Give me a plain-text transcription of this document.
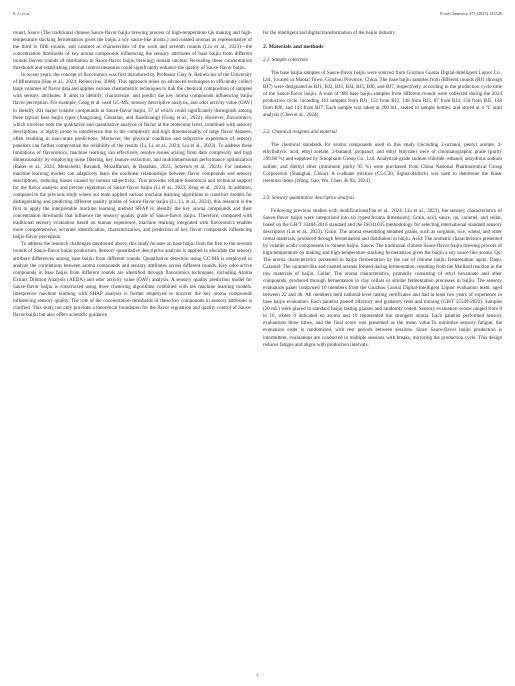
S. Li et al.	Food Chemistry 475 (2025) 143328

round, Sauce (The traditional chinese Sauce-flavor baijiu brewing process of high-temperature Qu making and high-temperature stacking fermentation gives the baijiu a soy sauce-like aroma.) and roasted aromas as representative of the third to fifth rounds, and caramel as characteristic of the sixth and seventh rounds (Liu et al., 2023)—the concentration thresholds of key aroma compounds influencing the sensory attributes of base baijiu from different rounds (Seven rounds of distillation in Sauce-flavor baijiu brewing) remain unclear. Revealing these concentration thresholds and establishing rational control measures could significantly enhance the quality of Sauce-flavor baijiu.

In recent years, the concept of flavoromics was first introduced by Professor Gary A. Reineccius of the University of Minnesota (Han et al., 2024; Reineccius, 2008). This approach relies on advanced techniques to efficiently collect large volumes of flavor data and applies various chemometric techniques to link the chemical composition of samples with sensory attributes. It aims to identify, characterize, and predict the key aroma compounds influencing baijiu flavor perception. For example, Gong et al. used GC-MS, sensory descriptive analysis, and odor activity value (OAV) to identify 201 major volatile compounds in Sauce-flavor baijiu, 37 of which could significantly distinguish among three typical base baijiu types (Jiangxiang, Chuntian, and Jiaodixiang) (Gong et al., 2023). However, flavoromics, which involves both the qualitative and quantitative analysis of flavor at the molecular level, combined with sensory descriptions, is highly prone to interference due to the complexity and high dimensionality of large flavor datasets, often resulting in inaccurate predictions. Moreover, the physical condition and subjective experience of sensory panelists can further compromise the reliability of the results (Li, Li, et al., 2024; Liu et al., 2023). To address these limitations of flavoromics, machine learning can effectively resolve issues arising from data complexity and high dimensionality by employing noise filtering, key feature extraction, and multidimensional performance optimization (Baker et al., 2023; Menichetti, Ravandi, Mozaffarian, & Barabási, 2023; Schreurs et al., 2024). For instance, machine learning models can adaptively learn the nonlinear relationships between flavor compounds and sensory descriptions, reducing biases caused by human subjectivity. This provides reliable theoretical and technical support for the flavor analysis and precise regulation of Sauce-flavor baijiu (Li et al., 2023; Zeng et al., 2023). In addition, compared to the previous study where our team applied various machine learning algorithms to construct models for distinguishing and predicting different quality grades of Sauce-flavor baijiu (Li, Li, et al., 2024), this research is the first to apply the interpretable machine learning method SHAP to identify the key aroma compounds and their concentration thresholds that influence the sensory quality grade of Sauce-flavor baijiu. Therefore, compared with traditional sensory evaluation based on human experience, machine learning integrated with flavoromics enables more comprehensive, accurate identification, characterization, and prediction of key flavor compounds influencing baijiu flavor perception.

To address the research challenges mentioned above, this study focuses on base baijiu from the first to the seventh rounds of Sauce-flavor baijiu production. Sensory quantitative descriptive analysis is applied to elucidate the sensory attribute differences among base baijiu from different rounds. Quantitative detection using GC-MS is employed to analyze the correlations between aroma compounds and sensory attributes across different rounds. Key odor-active compounds in base baijiu from different rounds are identified through flavoromics techniques, including Aroma Extract Dilution Analysis (AEDA) and odor activity value (OAV) analysis. A sensory quality prediction model for Sauce-flavor baijiu is constructed using three clustering algorithms combined with ten machine learning models. Interpretive machine learning with SHAP analysis is further employed to uncover the key aroma compounds influencing sensory quality. The role of the concentration thresholds of these key compounds in sensory attributes is clarified. This study not only provides a theoretical foundation for the flavor regulation and quality control of Sauce-flavor baijiu but also offers scientific guidance

for the intelligent and digital transformation of the baijiu industry.

2. Materials and methods
2.1. Sample collection

The base baijiu samples of Sauce-flavor baijiu were sourced from Guizhou Guotai Digital-Intelligent Liquor Co., Ltd., located in Maotai Town, Guizhou Province, China. The base baijiu samples from different rounds (BJ1 through BJ7) were designated as BJ1, BJ2, BJ3, BJ4, BJ5, BJ6, and BJ7, respectively, according to the production cycle time of the Sauce-flavor baijiu. A total of 988 base baijiu samples from different rounds were collected during the 2024 production cycle, including 161 samples from BJ1, 151 from BJ2, 148 from BJ3, 87 from BJ4, 150 from BJ5, 148 from BJ6, and 143 from BJ7. Each sample was taken at 200 mL, sealed in sample bottles, and stored at 4 °C until analysis (Chen et al., 2024).

2.2. Chemical reagents and material

The chemical standards for aroma compounds used in this study (including 2-octanol, pentyl acetate, 2-ethylbutyric acid, ethyl acetate, 2-butanol, propanol, and ethyl butyrate) were of chromatographic grade (purity ≥99.80 %) and supplied by Sinopharm Group Co., Ltd. Analytical-grade sodium chloride, ethanol, anhydrous sodium sulfate, and diethyl ether (minimum purity 95 %) were purchased from China National Pharmaceutical Group Corporation (Shanghai, China). A n-alkane mixture (C5-C30, Sigma-Aldrich) was used to determine the linear retention index (Wang, Gao, Wu, Chen, & Xu, 2024).

2.3. Sensory quantitative descriptive analysis

Following previous studies with modifications(Fan et al., 2024; Liu et al., 2023), the sensory characteristics of Sauce-flavor baijiu were categorized into six types(Aroma dimension): Grain, acid, sauce, qu, caramel, and cellar, based on the GB/T 33404-2016 standard and the ISO11035 methodology for selecting international standard sensory descriptors (Liu et al., 2023). Grain: The aroma resembling steamed grains, such as sorghum, rice, wheat, and other cereal materials, produced through fermentation and distillation in baijiu. Acid: The aromatic characteristics presented by volatile acidic components in chinese baijiu. Sauce: The traditional chinese Sauce-flavor baijiu brewing process of high-temperature qu making and high-temperature stacking fermentation gives the baijiu a soy sauce-like aroma. Qu: The aroma characteristics presented in baijiu fermentation by the use of chinese baijiu fermentation agent, Daqu. Caramel: The caramel-like and roasted aromas formed during fermentation, resulting from the Maillard reaction in the raw materials of baijiu. Cellar: The aroma characteristics, primarily consisting of ethyl hexanoate and other compounds, produced through fermentation in clay cellars or similar fermentation processes in baijiu. The sensory evaluation panel comprised 10 members from the Guizhou Guotai Digital-Intelligent Liquor evaluation team, aged between 22 and 40. All members held national-level tasting certificates and had at least two years of experience in base baijiu evaluation. Each panelist passed olfactory and gustatory tests and training (GB/T 15549-2022). Samples (20 mL) were placed in standard baijiu tasting glasses and randomly coded. Sensory evaluation scores ranged from 0 to 10, where 0 indicated no aroma and 10 represented the strongest aroma. Each panelist performed sensory evaluations three times, and the final score was presented as the mean value.To minimize sensory fatigue, the evaluation order is randomized, with rest periods between sessions. Since Sauce-flavor baijiu production is intermittent, evaluations are conducted in multiple sessions with breaks, mirroring the production cycle. This design reduces fatigue and aligns with production intervals.

2
